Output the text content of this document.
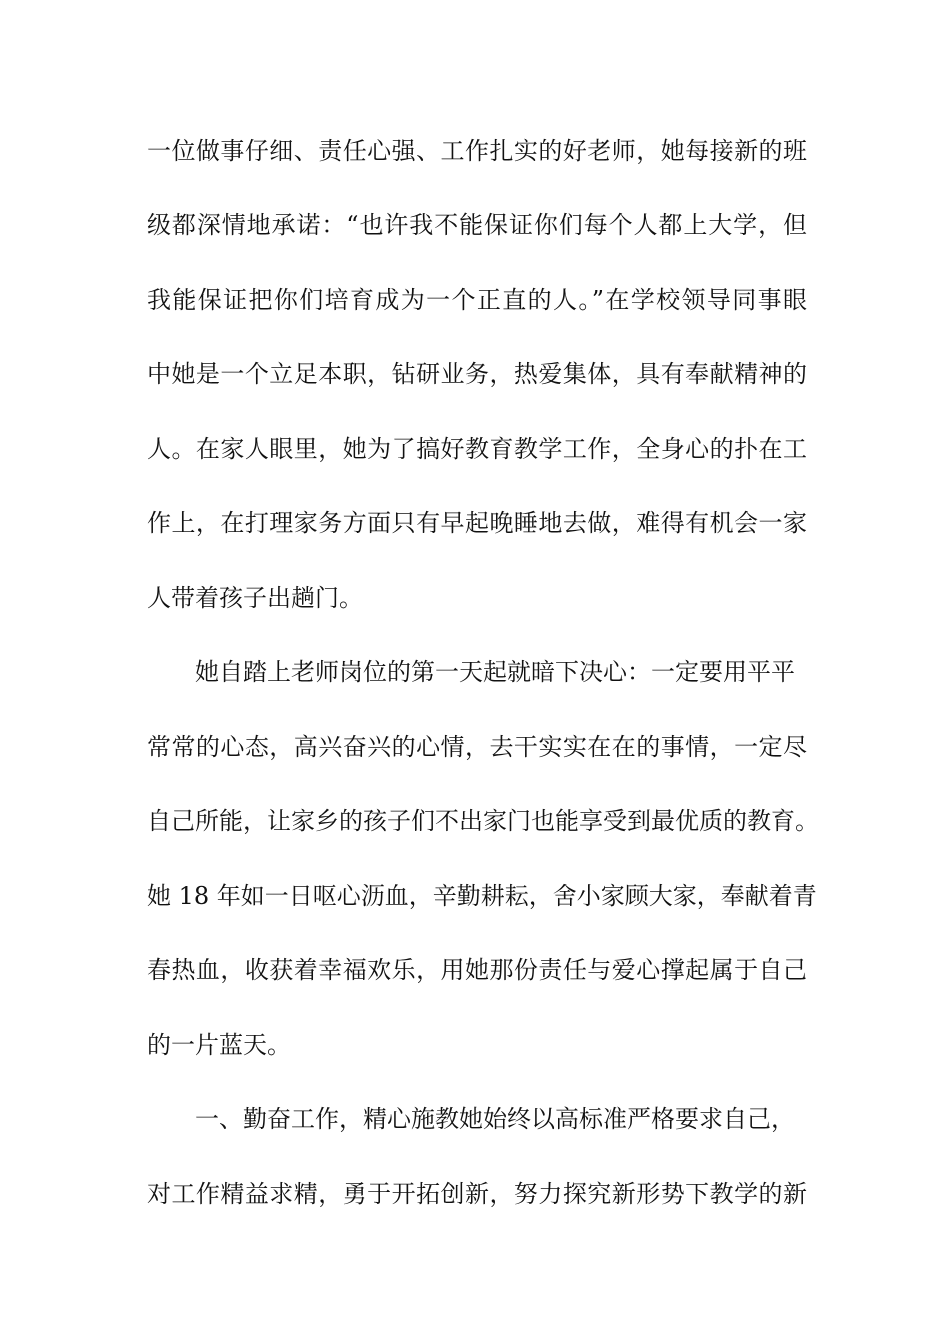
一位做事仔细、责任心强、工作扎实的好老师，她每接新的班
级都深情地承诺：“也许我不能保证你们每个人都上大学，但
我能保证把你们培育成为一个正直的人。”在学校领导同事眼
中她是一个立足本职，钻研业务，热爱集体，具有奉献精神的
人。在家人眼里，她为了搞好教育教学工作，全身心的扑在工
作上，在打理家务方面只有早起晚睡地去做，难得有机会一家
人带着孩子出趟门。
她自踏上老师岗位的第一天起就暗下决心：一定要用平平
常常的心态，高兴奋兴的心情，去干实实在在的事情，一定尽
自己所能，让家乡的孩子们不出家门也能享受到最优质的教育。
她 18 年如一日呕心沥血，辛勤耕耘，舍小家顾大家，奉献着青
春热血，收获着幸福欢乐，用她那份责任与爱心撑起属于自己
的一片蓝天。
一、勤奋工作，精心施教她始终以高标准严格要求自己，
对工作精益求精，勇于开拓创新，努力探究新形势下教学的新
